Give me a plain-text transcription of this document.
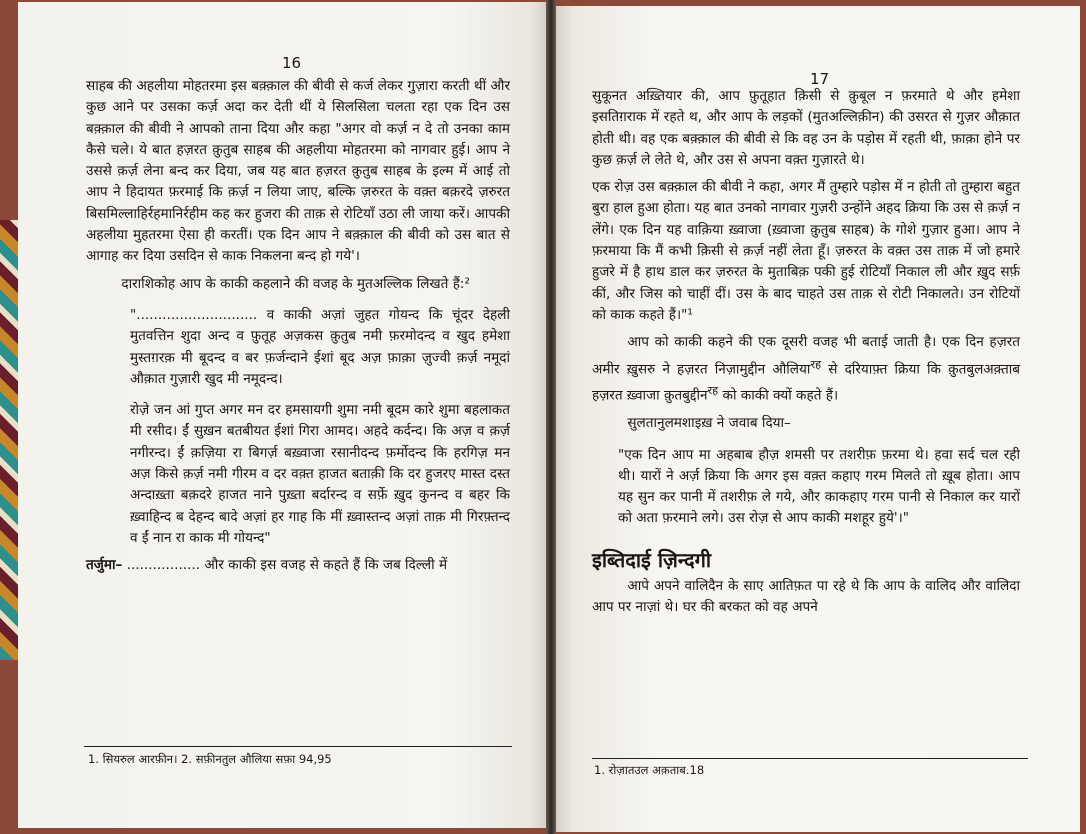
16

साहब की अहलीया मोहतरमा इस बक़्क़ाल की बीवी से कर्ज लेकर गुज़ारा करती थीं और कुछ आने पर उसका कर्ज़ अदा कर देती थीं ये सिलसिला चलता रहा एक दिन उस बक़्क़ाल की बीवी ने आपको ताना दिया और कहा "अगर वो कर्ज़ न दे तो उनका काम कैसे चले। ये बात हज़रत क़ुतुब साहब की अहलीया मोहतरमा को नागवार हुई। आप ने उससे क़र्ज़ लेना बन्द कर दिया, जब यह बात हज़रत क़ुतुब साहब के इल्म में आई तो आप ने हिदायत फ़रमाई कि क़र्ज़ न लिया जाए, बल्कि ज़रुरत के वक़्त बक़रदे ज़रुरत बिसमिल्लाहिर्रहमानिर्रहीम कह कर हुजरा की ताक़ से रोटियाँ उठा ली जाया करें। आपकी अहलीया मुहतरमा ऐसा ही करतीं। एक दिन आप ने बक़्क़ाल की बीवी को उस बात से आगाह कर दिया उसदिन से काक निकलना बन्द हो गये'।

दाराशिकोह आप के काकी कहलाने की वजह के मुतअल्लिक लिखते हैं:²

"............................ व काकी अज़ां जुहत गोयन्द कि चूंदर देहली मुतवत्तिन शुदा अन्द व फ़ुतूह अज़कस क़ुतुब नमी फ़रमोदन्द व खुद हमेशा मुस्तग़रक़ मी बूदन्द व बर फ़र्जन्दाने ईशां बूद अज़ फ़ाक़ा ज़ुज्वी क़र्ज़ नमूदां औक़ात गुज़ारी खुद मी नमूदन्द।

रोज़े जन आं गुप्त अगर मन दर हमसायगी शुमा नमी बूदम कारे शुमा बहलाकत मी रसीद। ईं सुख़न बतबीयत ईशां गिरा आमद। अहदे कर्दन्द। कि अज़ व क़र्ज़ नगीरन्द। ईं क़ज़िया रा बिगर्ज़ बख़्वाजा रसानीदन्द फ़र्मोदन्द कि हरगिज़ मन अज़ किसे क़र्ज़ नमी गीरम व दर वक़्त हाजत बताक़ी कि दर हुजरए मास्त दस्त अन्दाख़्ता बक़दरे हाजत नाने पुख़्ता बर्दारन्द व सर्फ़े ख़ुद कुनन्द व बहर कि ख़्वाहिन्द ब देहन्द बादे अज़ां हर गाह कि मीं ख़्वास्तन्द अज़ां ताक़ मी गिरफ़्तन्द व ईं नान रा काक मी गोयन्द"

तर्जुमा– ................. और काकी इस वजह से कहते हैं कि जब दिल्ली में

1. सियरुल आरफ़ीन। 2. सफ़ीनतुल औलिया सफ़ा 94,95
17

सुकूनत अख़्तियार की, आप फ़ुतूहात क़िसी से क़ुबूल न फ़रमाते थे और हमेशा इसतिग़राक में रहते थ, और आप के लड़कों (मुतअल्लिक़ीन) की उसरत से गुज़र औक़ात होती थी। वह एक बक़्क़ाल की बीवी से कि वह उन के पड़ोस में रहती थी, फ़ाक़ा होने पर कुछ क़र्ज़ ले लेते थे, और उस से अपना वक़्त गुज़ारते थे।

एक रोज़ उस बक़्क़ाल की बीवी ने कहा, अगर मैं तुम्हारे पड़ोस में न होती तो तुम्हारा बहुत बुरा हाल हुआ होता। यह बात उनको नागवार गुज़री उन्होंने अहद क्रिया कि उस से क़र्ज़ न लेंगे। एक दिन यह वाक़िया ख़्वाजा (ख़्वाजा क़ुतुब साहब) के गोशे गुज़ार हुआ। आप ने फ़रमाया कि मैं कभी क़िसी से क़र्ज़ नहीं लेता हूँ। ज़रुरत के वक़्त उस ताक़ में जो हमारे हुजरे में है हाथ डाल कर ज़रुरत के मुताबिक़ पकी हुई रोटियाँ निकाल ली और ख़ुद सर्फ़ कीं, और जिस को चाहीं दीं। उस के बाद चाहते उस ताक़ से रोटी निकालते। उन रोटियों को काक कहते हैं।"¹

आप को काकी कहने की एक दूसरी वजह भी बताई जाती है। एक दिन हज़रत अमीर ख़ुसरु ने हज़रत निज़ामुद्दीन औलिया$^{रह}$ से दरियाफ़्त क्रिया कि क़ुतबुलअक़्ताब हज़रत ख़्वाजा क़ुतबुद्दीन$^{रह}$ को काकी क्यों कहते हैं।

सुलतानुलमशाइख़ ने जवाब दिया–

"एक दिन आप मा अहबाब हौज़ शमसी पर तशरीफ़ फ़रमा थे। हवा सर्द चल रही थी। यारों ने अर्ज़ क्रिया कि अगर इस वक़्त कहाए गरम मिलते तो ख़ूब होता। आप यह सुन कर पानी में तशरीफ़ ले गये, और काकहाए गरम पानी से निकाल कर यारों को अता फ़रमाने लगे। उस रोज़ से आप काकी मशहूर हुये'।"

इब्तिदाई ज़िन्दगी

आपे अपने वालिदैन के साए आतिफ़त पा रहे थे कि आप के वालिद और वालिदा आप पर नाज़ां थे। घर की बरकत को वह अपने

1. रोज़ातउल अक़ताब.18
